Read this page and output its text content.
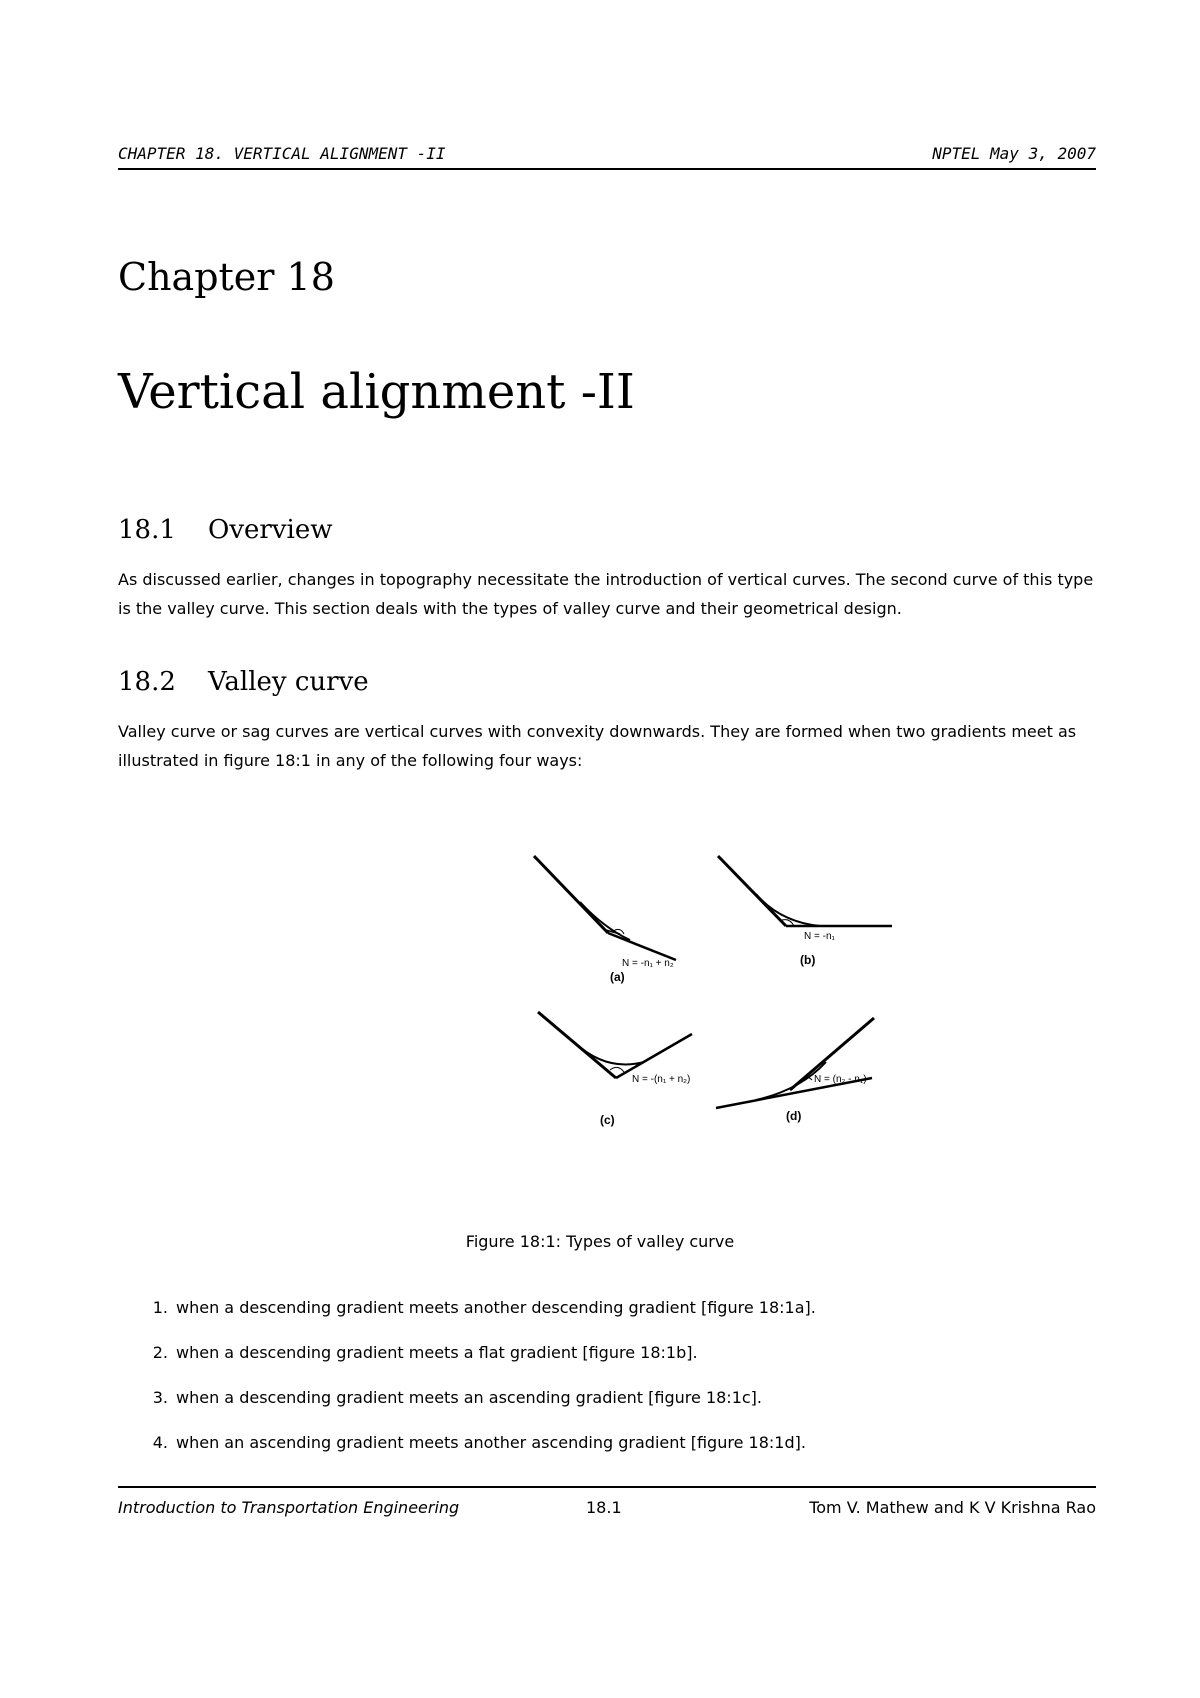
CHAPTER 18. VERTICAL ALIGNMENT -II	NPTEL May 3, 2007
Chapter 18
Vertical alignment -II
18.1 Overview
As discussed earlier, changes in topography necessitate the introduction of vertical curves. The second curve of this type is the valley curve. This section deals with the types of valley curve and their geometrical design.
18.2 Valley curve
Valley curve or sag curves are vertical curves with convexity downwards. They are formed when two gradients meet as illustrated in figure 18:1 in any of the following four ways:
N = -n₁ + n₂
(a)
N = -n₁
(b)
N = -(n₁ + n₂)
(c)
N = (n₂ - n₁)
(d)
Figure 18:1: Types of valley curve
1. when a descending gradient meets another descending gradient [figure 18:1a].
2. when a descending gradient meets a flat gradient [figure 18:1b].
3. when a descending gradient meets an ascending gradient [figure 18:1c].
4. when an ascending gradient meets another ascending gradient [figure 18:1d].
Introduction to Transportation Engineering	18.1	Tom V. Mathew and K V Krishna Rao
